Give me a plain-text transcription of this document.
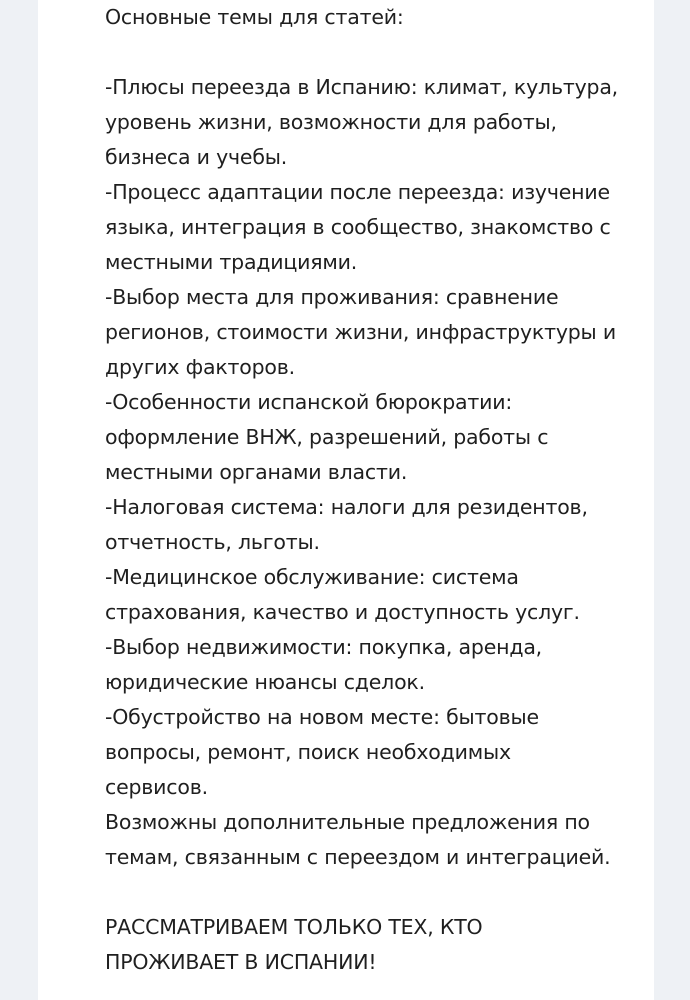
Основные темы для статей:
-Плюсы переезда в Испанию: климат, культура,
уровень жизни, возможности для работы,
бизнеса и учебы.
-Процесс адаптации после переезда: изучение
языка, интеграция в сообщество, знакомство с
местными традициями.
-Выбор места для проживания: сравнение
регионов, стоимости жизни, инфраструктуры и
других факторов.
-Особенности испанской бюрократии:
оформление ВНЖ, разрешений, работы с
местными органами власти.
-Налоговая система: налоги для резидентов,
отчетность, льготы.
-Медицинское обслуживание: система
страхования, качество и доступность услуг.
-Выбор недвижимости: покупка, аренда,
юридические нюансы сделок.
-Обустройство на новом месте: бытовые
вопросы, ремонт, поиск необходимых
сервисов.
Возможны дополнительные предложения по
темам, связанным с переездом и интеграцией.
РАССМАТРИВАЕМ ТОЛЬКО ТЕХ, КТО
ПРОЖИВАЕТ В ИСПАНИИ!
